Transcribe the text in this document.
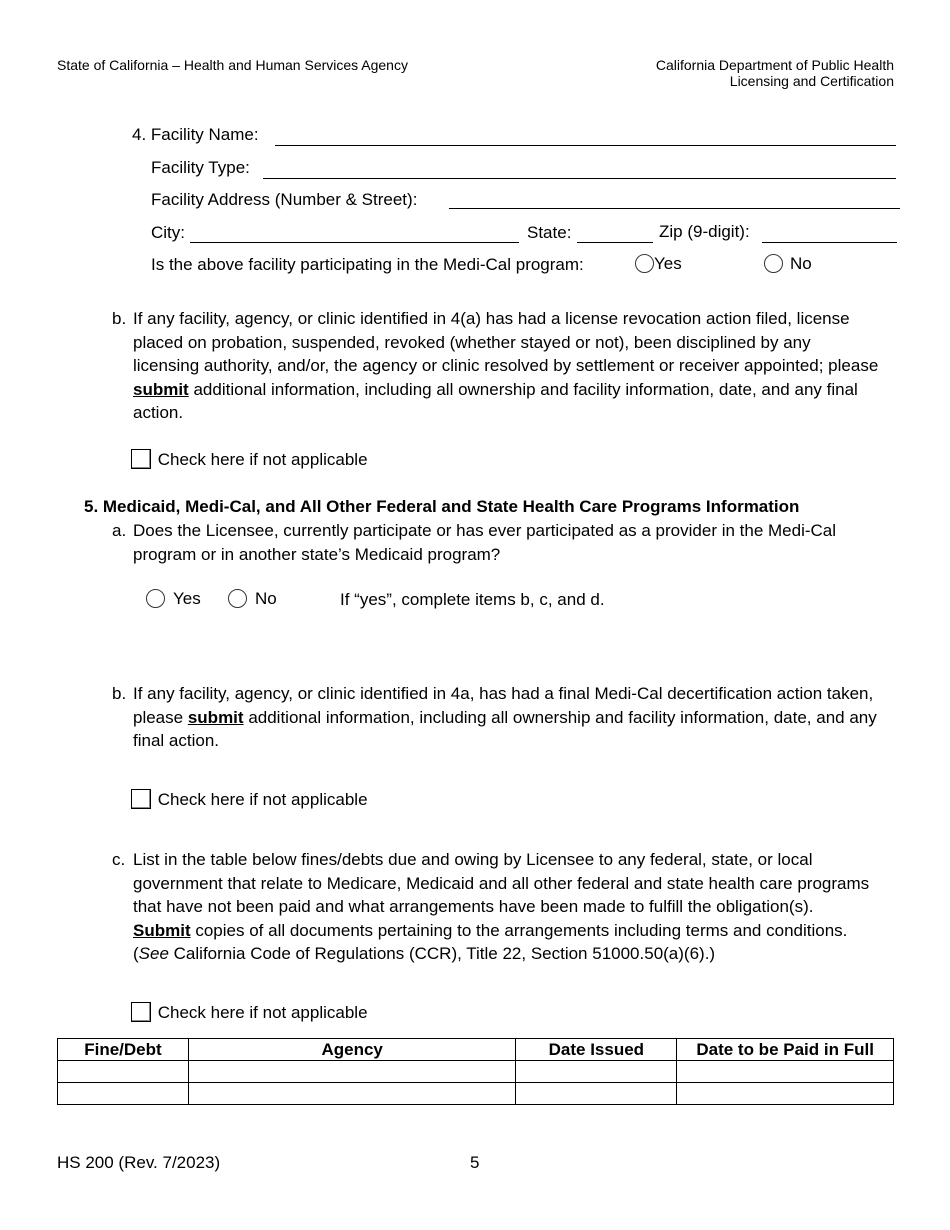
State of California – Health and Human Services Agency	California Department of Public Health
Licensing and Certification
4. Facility Name:
Facility Type:
Facility Address (Number & Street):
City:	State:	Zip (9-digit):
Is the above facility participating in the Medi-Cal program:	Yes	No
b. If any facility, agency, or clinic identified in 4(a) has had a license revocation action filed, license placed on probation, suspended, revoked (whether stayed or not), been disciplined by any licensing authority, and/or, the agency or clinic resolved by settlement or receiver appointed; please submit additional information, including all ownership and facility information, date, and any final action.
Check here if not applicable
5. Medicaid, Medi-Cal, and All Other Federal and State Health Care Programs Information
a. Does the Licensee, currently participate or has ever participated as a provider in the Medi-Cal program or in another state’s Medicaid program?
Yes	No	If “yes”, complete items b, c, and d.
b. If any facility, agency, or clinic identified in 4a, has had a final Medi-Cal decertification action taken, please submit additional information, including all ownership and facility information, date, and any final action.
Check here if not applicable
c. List in the table below fines/debts due and owing by Licensee to any federal, state, or local government that relate to Medicare, Medicaid and all other federal and state health care programs that have not been paid and what arrangements have been made to fulfill the obligation(s). Submit copies of all documents pertaining to the arrangements including terms and conditions. (See California Code of Regulations (CCR), Title 22, Section 51000.50(a)(6).)
Check here if not applicable
Fine/Debt	Agency	Date Issued	Date to be Paid in Full

HS 200 (Rev. 7/2023)	5
